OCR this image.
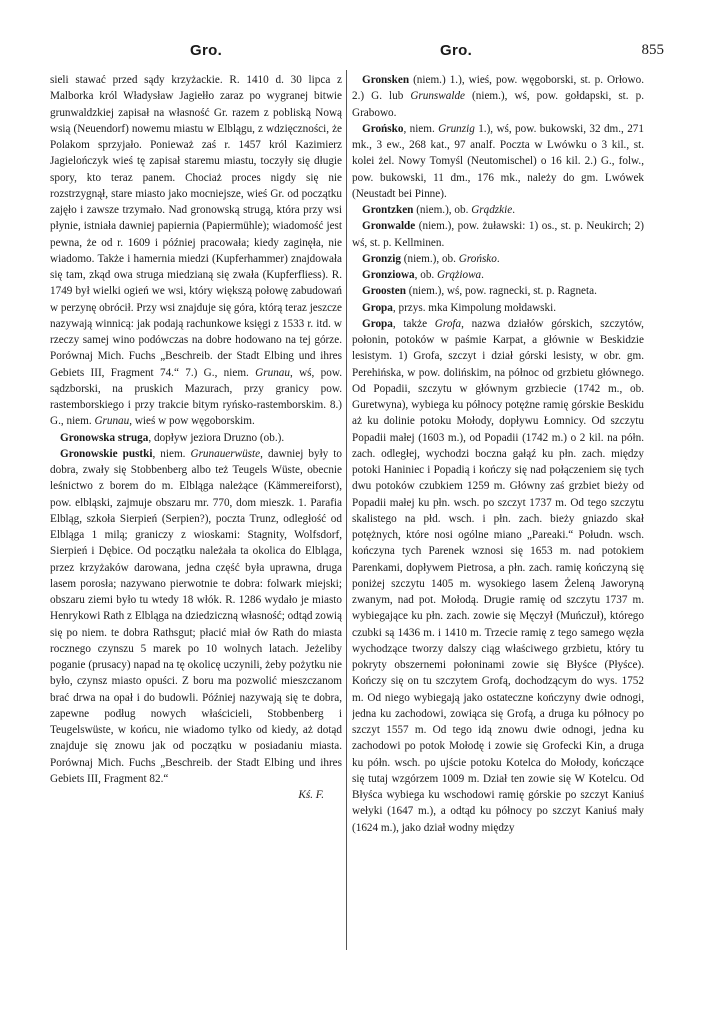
Gro.	Gro.	855

sieli stawać przed sądy krzyżackie. R. 1410 d. 30 lipca z Malborka król Władysław Jagiełło zaraz po wygranej bitwie grunwaldzkiej zapisał na własność Gr. razem z pobliską Nową wsią (Neuendorf) nowemu miastu w Elblągu, z wdzięczności, że Polakom sprzyjało. Ponieważ zaś r. 1457 król Kazimierz Jagielończyk wieś tę zapisał staremu miastu, toczyły się długie spory, kto teraz panem. Chociaż proces nigdy się nie rozstrzygnął, stare miasto jako mocniejsze, wieś Gr. od początku zajęło i zawsze trzymało. Nad gronowską strugą, która przy wsi płynie, istniała dawniej papiernia (Papiermühle); wiadomość jest pewna, że od r. 1609 i później pracowała; kiedy zaginęła, nie wiadomo. Także i hamernia miedzi (Kupferhammer) znajdowała się tam, zkąd owa struga miedzianą się zwała (Kupferfliess). R. 1749 był wielki ogień we wsi, który większą połowę zabudowań w perzynę obrócił. Przy wsi znajduje się góra, którą teraz jeszcze nazywają winnicą: jak podają rachunkowe księgi z 1533 r. itd. w rzeczy samej wino podówczas na dobre hodowano na tej górze. Porównaj Mich. Fuchs „Beschreib. der Stadt Elbing und ihres Gebiets III, Fragment 74.“ 7.) G., niem. Grunau, wś, pow. sądzborski, na pruskich Mazurach, przy granicy pow. rastemborskiego i przy trakcie bitym ryńsko-rastemborskim. 8.) G., niem. Grunau, wieś w pow węgoborskim.

Gronowska struga, dopływ jeziora Druzno (ob.).

Gronowskie pustki, niem. Grunauerwüste, dawniej były to dobra, zwały się Stobbenberg albo też Teugels Wüste, obecnie leśnictwo z borem do m. Elbląga należące (Kämmereiforst), pow. elbląski, zajmuje obszaru mr. 770, dom mieszk. 1. Parafia Elbląg, szkoła Sierpień (Serpien?), poczta Trunz, odległość od Elbląga 1 milą; graniczy z wioskami: Stagnity, Wolfsdorf, Sierpień i Dębice. Od początku należała ta okolica do Elbląga, przez krzyżaków darowana, jedna część była uprawna, druga lasem porosła; nazywano pierwotnie te dobra: folwark miejski; obszaru ziemi było tu wtedy 18 włók. R. 1286 wydało je miasto Henrykowi Rath z Elbląga na dziedziczną własność; odtąd zowią się po niem. te dobra Rathsgut; płacić miał ów Rath do miasta rocznego czynszu 5 marek po 10 wolnych latach. Jeżeliby poganie (prusacy) napad na tę okolicę uczynili, żeby pożytku nie było, czynsz miasto opuści. Z boru ma pozwolić mieszczanom brać drwa na opał i do budowli. Później nazywają się te dobra, zapewne podług nowych właścicieli, Stobbenberg i Teugelswüste, w końcu, nie wiadomo tylko od kiedy, aż dotąd znajduje się znowu jak od początku w posiadaniu miasta. Porównaj Mich. Fuchs „Beschreib. der Stadt Elbing und ihres Gebiets III, Fragment 82.“
Kś. F.

Gronsken (niem.) 1.), wieś, pow. węgoborski, st. p. Orłowo. 2.) G. lub Grunswalde (niem.), wś, pow. gołdapski, st. p. Grabowo.

Grońsko, niem. Grunzig 1.), wś, pow. bukowski, 32 dm., 271 mk., 3 ew., 268 kat., 97 analf. Poczta w Lwówku o 3 kil., st. kolei żel. Nowy Tomyśl (Neutomischel) o 16 kil. 2.) G., folw., pow. bukowski, 11 dm., 176 mk., należy do gm. Lwówek (Neustadt bei Pinne).

Grontzken (niem.), ob. Grądzkie.

Gronwalde (niem.), pow. żuławski: 1) os., st. p. Neukirch; 2) wś, st. p. Kellminen.

Gronzig (niem.), ob. Grońsko.

Gronziowa, ob. Grążiowa.

Groosten (niem.), wś, pow. ragnecki, st. p. Ragneta.

Gropa, przys. mka Kimpolung mołdawski.

Gropa, także Grofa, nazwa działów górskich, szczytów, połonin, potoków w paśmie Karpat, a głównie w Beskidzie lesistym. 1) Grofa, szczyt i dział górski lesisty, w obr. gm. Perehińska, w pow. dolińskim, na północ od grzbietu głównego. Od Popadii, szczytu w głównym grzbiecie (1742 m., ob. Guretwyna), wybiega ku północy potężne ramię górskie Beskidu aż ku dolinie potoku Mołody, dopływu Łomnicy. Od szczytu Popadii małej (1603 m.), od Popadii (1742 m.) o 2 kil. na półn. zach. odległej, wychodzi boczna gałąź ku płn. zach. między potoki Haniniec i Popadią i kończy się nad połączeniem się tych dwu potoków czubkiem 1259 m. Główny zaś grzbiet bieży od Popadii małej ku płn. wsch. po szczyt 1737 m. Od tego szczytu skalistego na płd. wsch. i płn. zach. bieży gniazdo skał potężnych, które nosi ogólne miano „Pareaki.“ Połudn. wsch. kończyna tych Parenek wznosi się 1653 m. nad potokiem Parenkami, dopływem Pietrosa, a płn. zach. ramię kończyną się poniżej szczytu 1405 m. wysokiego lasem Żeleną Jaworyną zwanym, nad pot. Mołodą. Drugie ramię od szczytu 1737 m. wybiegające ku płn. zach. zowie się Męczył (Muńczuł), którego czubki są 1436 m. i 1410 m. Trzecie ramię z tego samego węzła wychodzące tworzy dalszy ciąg właściwego grzbietu, który tu pokryty obszernemi połoninami zowie się Błyśce (Płyśce). Kończy się on tu szczytem Grofą, dochodzącym do wys. 1752 m. Od niego wybiegają jako ostateczne kończyny dwie odnogi, jedna ku zachodowi, zowiąca się Grofą, a druga ku północy po szczyt 1557 m. Od tego idą znowu dwie odnogi, jedna ku zachodowi po potok Mołodę i zowie się Grofecki Kin, a druga ku półn. wsch. po ujście potoku Kotelca do Mołody, kończące się tutaj wzgórzem 1009 m. Dział ten zowie się W Kotelcu. Od Błyśca wybiega ku wschodowi ramię górskie po szczyt Kaniuś wełyki (1647 m.), a odtąd ku północy po szczyt Kaniuś mały (1624 m.), jako dział wodny między
